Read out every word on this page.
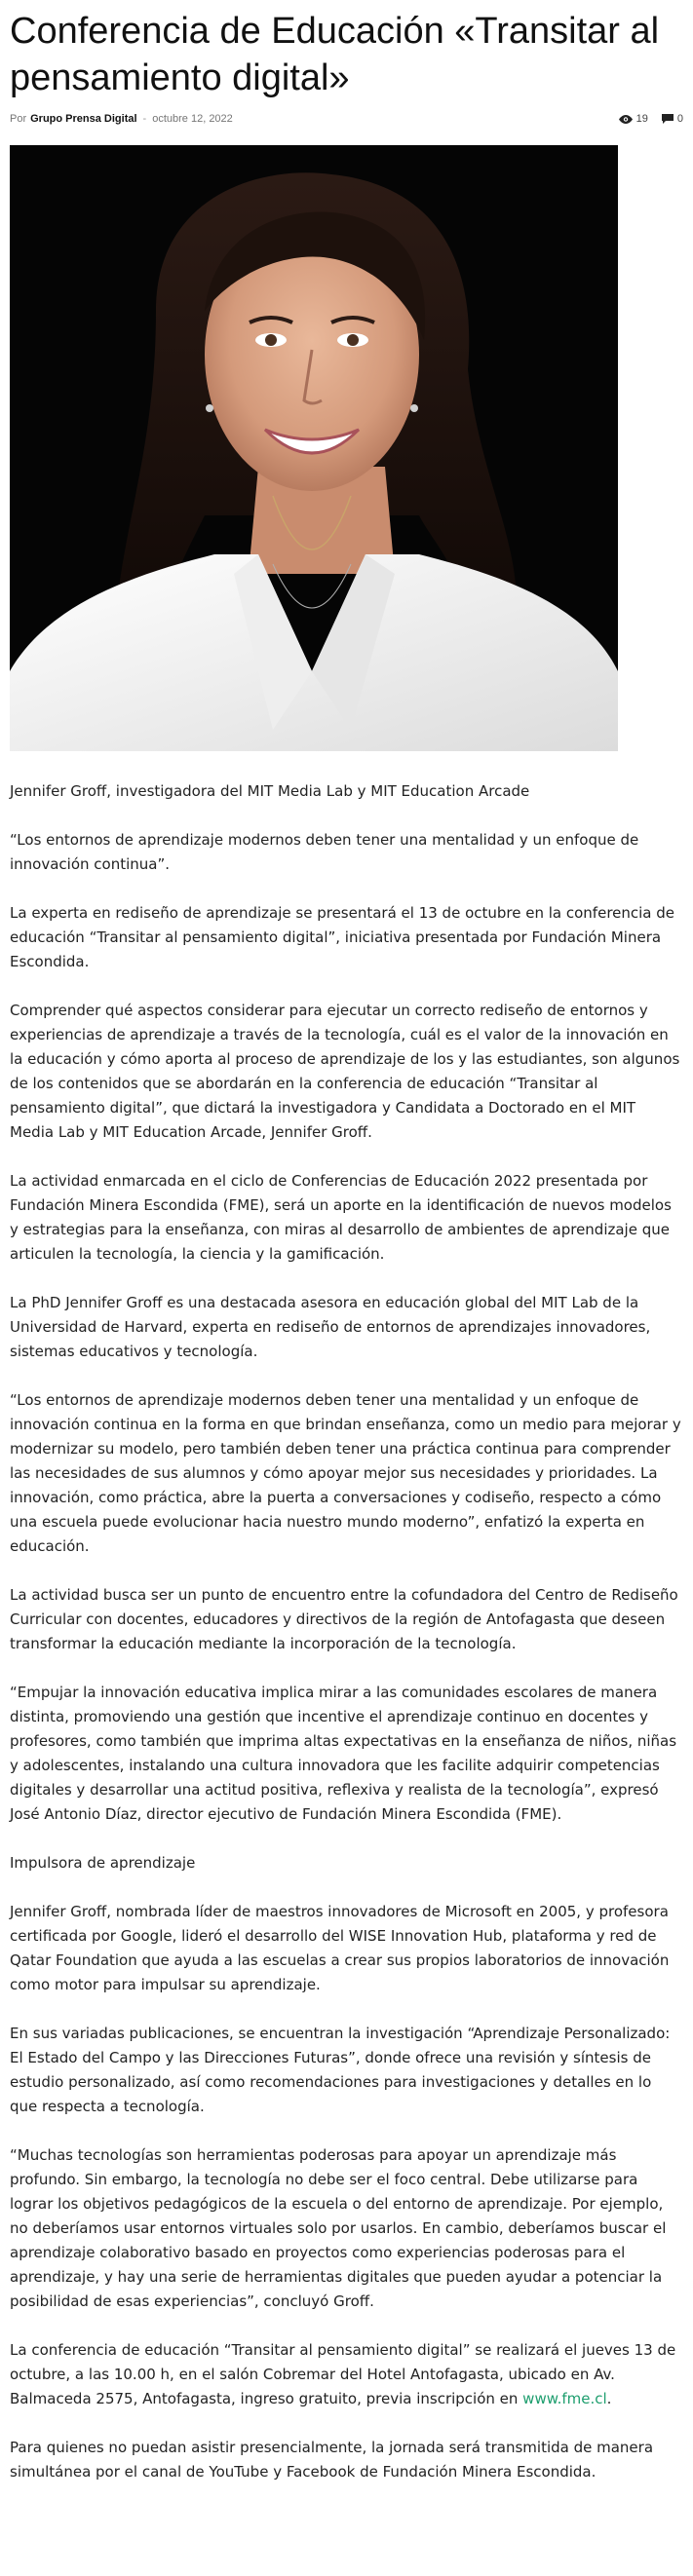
Conferencia de Educación «Transitar al pensamiento digital»
Por Grupo Prensa Digital - octubre 12, 2022	19	0

Jennifer Groff, investigadora del MIT Media Lab y MIT Education Arcade

“Los entornos de aprendizaje modernos deben tener una mentalidad y un enfoque de innovación continua”.

La experta en rediseño de aprendizaje se presentará el 13 de octubre en la conferencia de educación “Transitar al pensamiento digital”, iniciativa presentada por Fundación Minera Escondida.

Comprender qué aspectos considerar para ejecutar un correcto rediseño de entornos y experiencias de aprendizaje a través de la tecnología, cuál es el valor de la innovación en la educación y cómo aporta al proceso de aprendizaje de los y las estudiantes, son algunos de los contenidos que se abordarán en la conferencia de educación “Transitar al pensamiento digital”, que dictará la investigadora y Candidata a Doctorado en el MIT Media Lab y MIT Education Arcade, Jennifer Groff.

La actividad enmarcada en el ciclo de Conferencias de Educación 2022 presentada por Fundación Minera Escondida (FME), será un aporte en la identificación de nuevos modelos y estrategias para la enseñanza, con miras al desarrollo de ambientes de aprendizaje que articulen la tecnología, la ciencia y la gamificación.

La PhD Jennifer Groff es una destacada asesora en educación global del MIT Lab de la Universidad de Harvard, experta en rediseño de entornos de aprendizajes innovadores, sistemas educativos y tecnología.

“Los entornos de aprendizaje modernos deben tener una mentalidad y un enfoque de innovación continua en la forma en que brindan enseñanza, como un medio para mejorar y modernizar su modelo, pero también deben tener una práctica continua para comprender las necesidades de sus alumnos y cómo apoyar mejor sus necesidades y prioridades. La innovación, como práctica, abre la puerta a conversaciones y codiseño, respecto a cómo una escuela puede evolucionar hacia nuestro mundo moderno”, enfatizó la experta en educación.

La actividad busca ser un punto de encuentro entre la cofundadora del Centro de Rediseño Curricular con docentes, educadores y directivos de la región de Antofagasta que deseen transformar la educación mediante la incorporación de la tecnología.

“Empujar la innovación educativa implica mirar a las comunidades escolares de manera distinta, promoviendo una gestión que incentive el aprendizaje continuo en docentes y profesores, como también que imprima altas expectativas en la enseñanza de niños, niñas y adolescentes, instalando una cultura innovadora que les facilite adquirir competencias digitales y desarrollar una actitud positiva, reflexiva y realista de la tecnología”, expresó José Antonio Díaz, director ejecutivo de Fundación Minera Escondida (FME).

Impulsora de aprendizaje

Jennifer Groff, nombrada líder de maestros innovadores de Microsoft en 2005, y profesora certificada por Google, lideró el desarrollo del WISE Innovation Hub, plataforma y red de Qatar Foundation que ayuda a las escuelas a crear sus propios laboratorios de innovación como motor para impulsar su aprendizaje.

En sus variadas publicaciones, se encuentran la investigación “Aprendizaje Personalizado: El Estado del Campo y las Direcciones Futuras”, donde ofrece una revisión y síntesis de estudio personalizado, así como recomendaciones para investigaciones y detalles en lo que respecta a tecnología.

“Muchas tecnologías son herramientas poderosas para apoyar un aprendizaje más profundo. Sin embargo, la tecnología no debe ser el foco central. Debe utilizarse para lograr los objetivos pedagógicos de la escuela o del entorno de aprendizaje. Por ejemplo, no deberíamos usar entornos virtuales solo por usarlos. En cambio, deberíamos buscar el aprendizaje colaborativo basado en proyectos como experiencias poderosas para el aprendizaje, y hay una serie de herramientas digitales que pueden ayudar a potenciar la posibilidad de esas experiencias”, concluyó Groff.

La conferencia de educación “Transitar al pensamiento digital” se realizará el jueves 13 de octubre, a las 10.00 h, en el salón Cobremar del Hotel Antofagasta, ubicado en Av. Balmaceda 2575, Antofagasta, ingreso gratuito, previa inscripción en www.fme.cl.

Para quienes no puedan asistir presencialmente, la jornada será transmitida de manera simultánea por el canal de YouTube y Facebook de Fundación Minera Escondida.
